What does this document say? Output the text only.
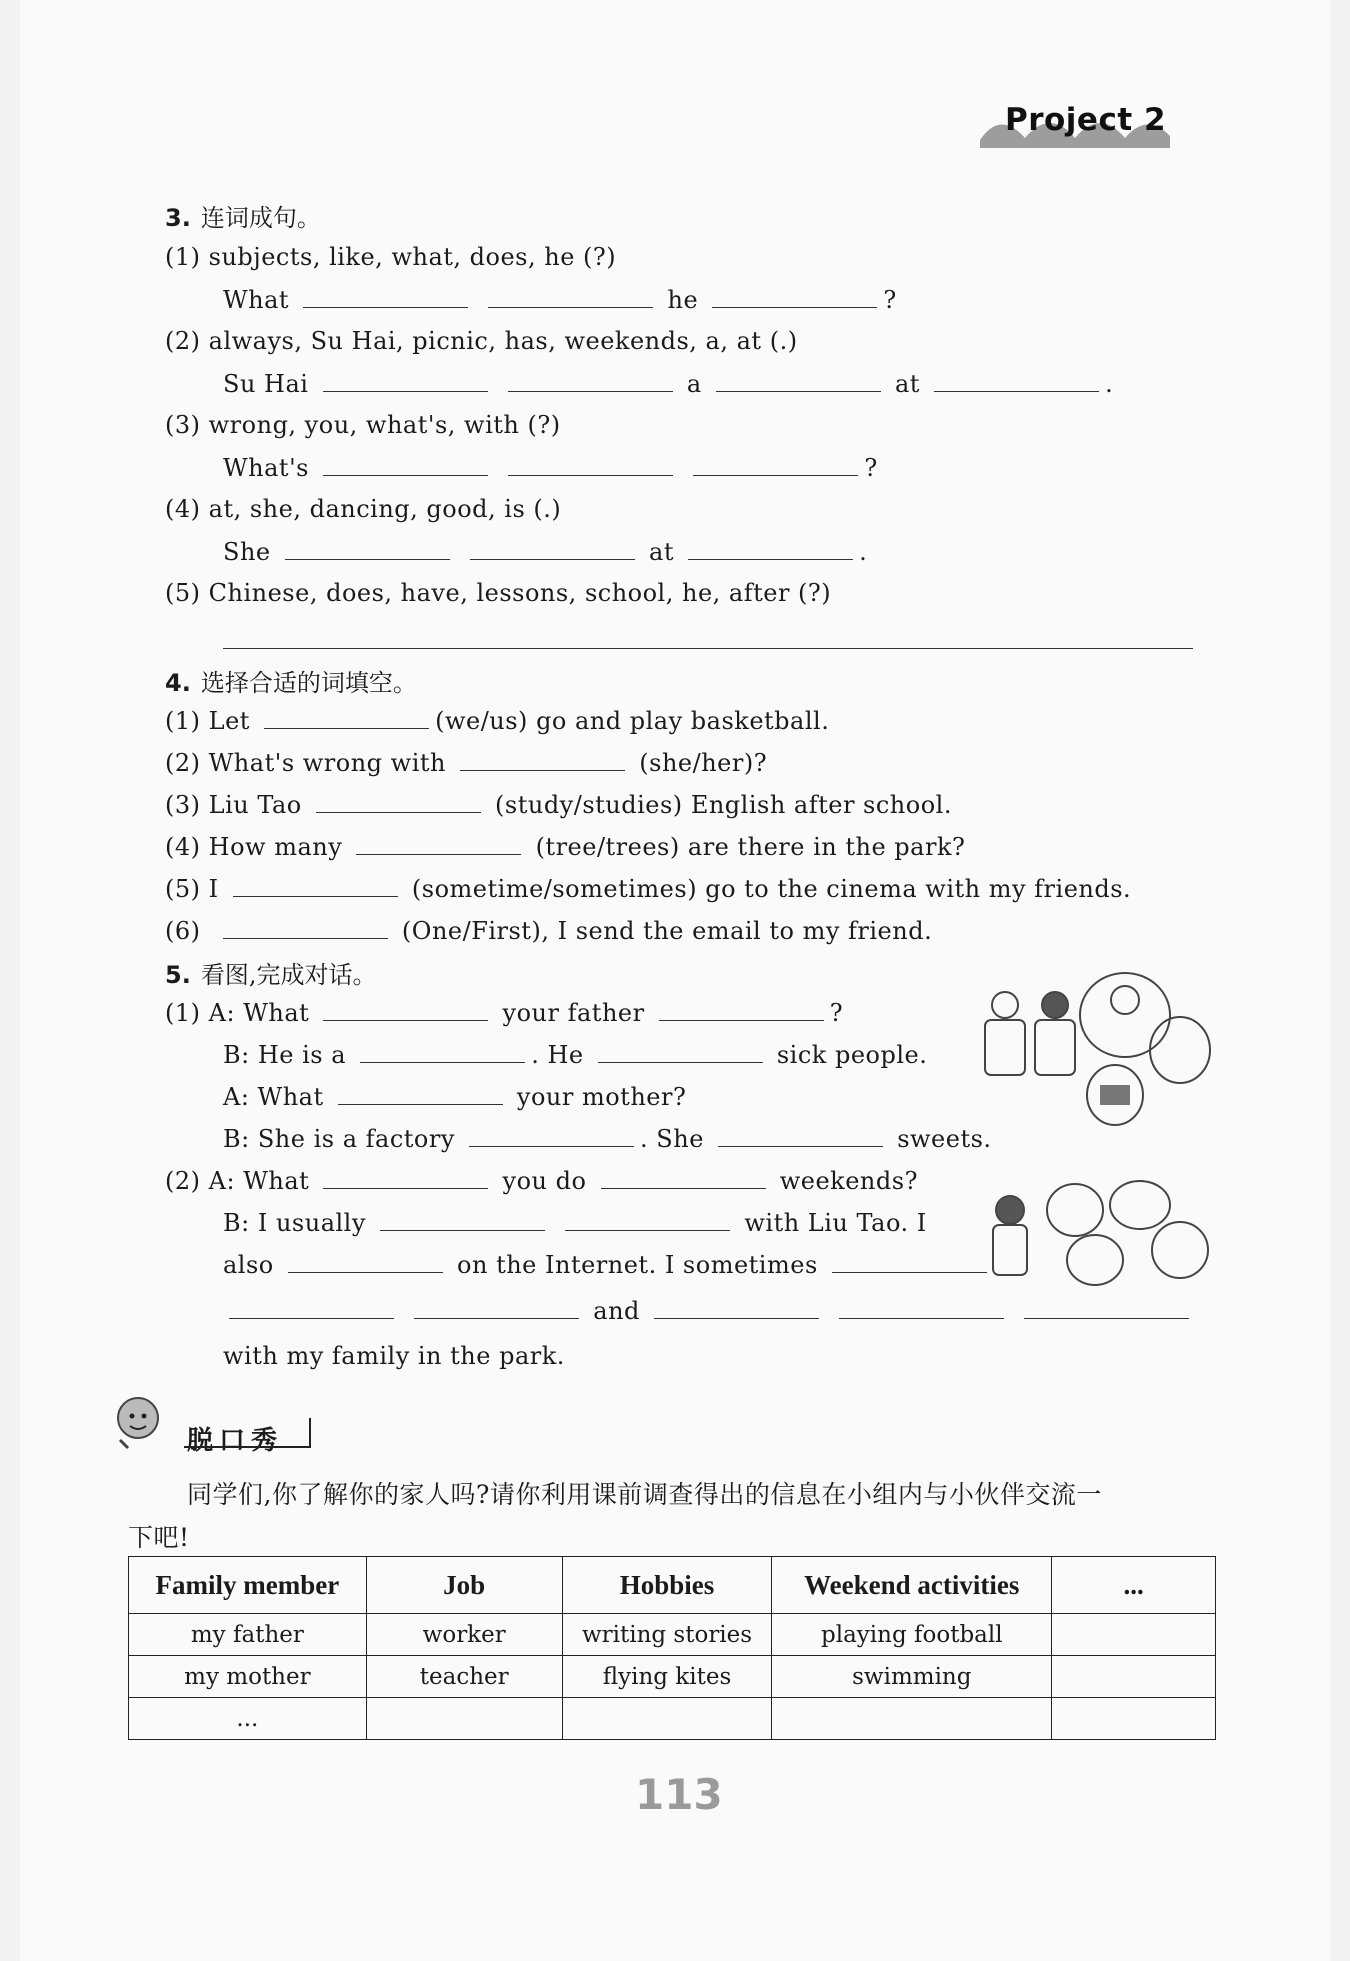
Project 2
3. 连词成句。
(1) subjects, like, what, does, he (?)
What	he	?
(2) always, Su Hai, picnic, has, weekends, a, at (.)
Su Hai	a	at	.
(3) wrong, you, what's, with (?)
What's	?
(4) at, she, dancing, good, is (.)
She	at	.
(5) Chinese, does, have, lessons, school, he, after (?)
4. 选择合适的词填空。
(1) Let	(we/us) go and play basketball.
(2) What's wrong with	(she/her)?
(3) Liu Tao	(study/studies) English after school.
(4) How many	(tree/trees) are there in the park?
(5) I	(sometime/sometimes) go to the cinema with my friends.
(6)	(One/First), I send the email to my friend.
5. 看图,完成对话。
(1) A: What	your father	?
B: He is a	. He	sick people.
A: What	your mother?
B: She is a factory	. She	sweets.
(2) A: What	you do	weekends?
B: I usually	with Liu Tao. I
also	on the Internet. I sometimes
and
with my family in the park.
脱口秀
同学们,你了解你的家人吗?请你利用课前调查得出的信息在小组内与小伙伴交流一
下吧!
Family member	Job	Hobbies	Weekend activities	...
my father	worker	writing stories	playing football	
my mother	teacher	flying kites	swimming	
...				
113
